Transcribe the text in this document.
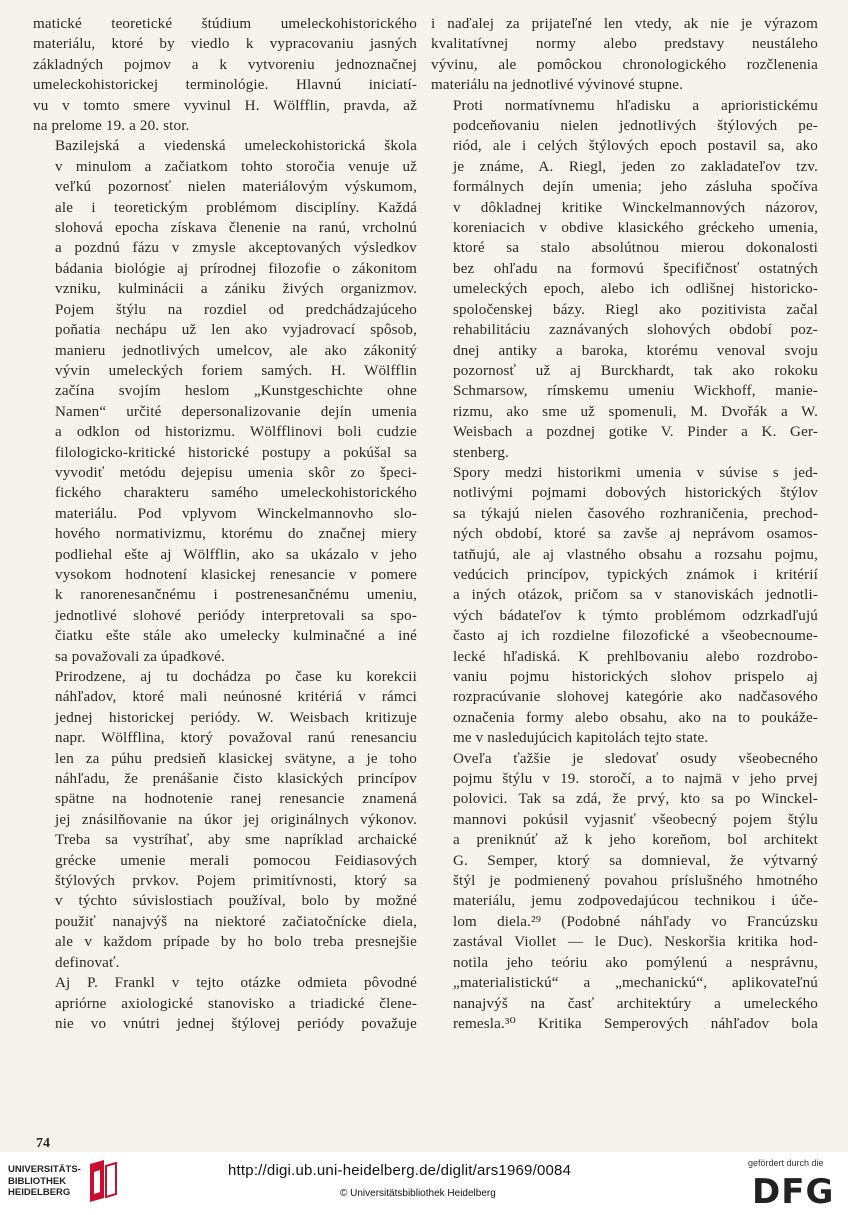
matické teoretické štúdium umeleckohistorického
materiálu, ktoré by viedlo k vypracovaniu jasných
základných pojmov a k vytvoreniu jednoznačnej
umeleckohistorickej terminológie. Hlavnú iniciatí-
vu v tomto smere vyvinul H. Wölfflin, pravda, až
na prelome 19. a 20. stor.

Bazilejská a viedenská umeleckohistorická škola
v minulom a začiatkom tohto storočia venuje už
veľkú pozornosť nielen materiálovým výskumom,
ale i teoretickým problémom disciplíny. Každá
slohová epocha získava členenie na ranú, vrcholnú
a pozdnú fázu v zmysle akceptovaných výsledkov
bádania biológie aj prírodnej filozofie o zákonitom
vzniku, kulminácii a zániku živých organizmov.
Pojem štýlu na rozdiel od predchádzajúceho
poňatia nechápu už len ako vyjadrovací spôsob,
manieru jednotlivých umelcov, ale ako zákonitý
vývin umeleckých foriem samých. H. Wölfflin
začína svojím heslom „Kunstgeschichte ohne
Namen“ určité depersonalizovanie dejín umenia
a odklon od historizmu. Wölfflinovi boli cudzie
filologicko-kritické historické postupy a pokúšal sa
vyvodiť metódu dejepisu umenia skôr zo špeci-
fického charakteru samého umeleckohistorického
materiálu. Pod vplyvom Winckelmannovho slo-
hového normativizmu, ktorému do značnej miery
podliehal ešte aj Wölfflin, ako sa ukázalo v jeho
vysokom hodnotení klasickej renesancie v pomere
k ranorenesančnému i postrenesančnému umeniu,
jednotlivé slohové periódy interpretovali sa spo-
čiatku ešte stále ako umelecky kulminačné a iné
sa považovali za úpadkové.

Prirodzene, aj tu dochádza po čase ku korekcii
náhľadov, ktoré mali neúnosné kritériá v rámci
jednej historickej periódy. W. Weisbach kritizuje
napr. Wölfflina, ktorý považoval ranú renesanciu
len za púhu predsieň klasickej svätyne, a je toho
náhľadu, že prenášanie čisto klasických princípov
spätne na hodnotenie ranej renesancie znamená
jej znásilňovanie na úkor jej originálnych výkonov.
Treba sa vystríhať, aby sme napríklad archaické
grécke umenie merali pomocou Feidiasových
štýlových prvkov. Pojem primitívnosti, ktorý sa
v týchto súvislostiach používal, bolo by možné
použiť nanajvýš na niektoré začiatočnícke diela,
ale v každom prípade by ho bolo treba presnejšie
definovať.

Aj P. Frankl v tejto otázke odmieta pôvodné
apriórne axiologické stanovisko a triadické člene-
nie vo vnútri jednej štýlovej periódy považuje

i naďalej za prijateľné len vtedy, ak nie je výrazom
kvalitatívnej normy alebo predstavy neustáleho
vývinu, ale pomôckou chronologického rozčlenenia
materiálu na jednotlivé vývinové stupne.

Proti normatívnemu hľadisku a aprioristickému
podceňovaniu nielen jednotlivých štýlových pe-
riód, ale i celých štýlových epoch postavil sa, ako
je známe, A. Riegl, jeden zo zakladateľov tzv.
formálnych dejín umenia; jeho zásluha spočíva
v dôkladnej kritike Winckelmannových názorov,
koreniacich v obdive klasického gréckeho umenia,
ktoré sa stalo absolútnou mierou dokonalosti
bez ohľadu na formovú špecifičnosť ostatných
umeleckých epoch, alebo ich odlišnej historicko-
spoločenskej bázy. Riegl ako pozitivista začal
rehabilitáciu zaznávaných slohových období poz-
dnej antiky a baroka, ktorému venoval svoju
pozornosť už aj Burckhardt, tak ako rokoku
Schmarsow, rímskemu umeniu Wickhoff, manie-
rizmu, ako sme už spomenuli, M. Dvořák a W.
Weisbach a pozdnej gotike V. Pinder a K. Ger-
stenberg.

Spory medzi historikmi umenia v súvise s jed-
notlivými pojmami dobových historických štýlov
sa týkajú nielen časového rozhraničenia, prechod-
ných období, ktoré sa zavše aj neprávom osamos-
tatňujú, ale aj vlastného obsahu a rozsahu pojmu,
vedúcich princípov, typických známok i kritérií
a iných otázok, pričom sa v stanoviskách jednotli-
vých bádateľov k týmto problémom odzrkadľujú
často aj ich rozdielne filozofické a všeobecnoume-
lecké hľadiská. K prehlbovaniu alebo rozdrobo-
vaniu pojmu historických slohov prispelo aj
rozpracúvanie slohovej kategórie ako nadčasového
označenia formy alebo obsahu, ako na to poukáže-
me v nasledujúcich kapitolách tejto state.

Oveľa ťažšie je sledovať osudy všeobecného
pojmu štýlu v 19. storočí, a to najmä v jeho prvej
polovici. Tak sa zdá, že prvý, kto sa po Winckel-
mannovi pokúsil vyjasniť všeobecný pojem štýlu
a preniknúť až k jeho koreňom, bol architekt
G. Semper, ktorý sa domnieval, že výtvarný
štýl je podmienený povahou príslušného hmotného
materiálu, jemu zodpovedajúcou technikou i úče-
lom diela.²⁹ (Podobné náhľady vo Francúzsku
zastával Viollet — le Duc). Neskoršia kritika hod-
notila jeho teóriu ako pomýlenú a nesprávnu,
„materialistickú“ a „mechanickú“, aplikovateľnú
nanajvýš na časť architektúry a umeleckého
remesla.³⁰ Kritika Semperových náhľadov bola

74
UNIVERSITÄTS-
BIBLIOTHEK
HEIDELBERG
http://digi.ub.uni-heidelberg.de/diglit/ars1969/0084
© Universitätsbibliothek Heidelberg
gefördert durch die
DFG
